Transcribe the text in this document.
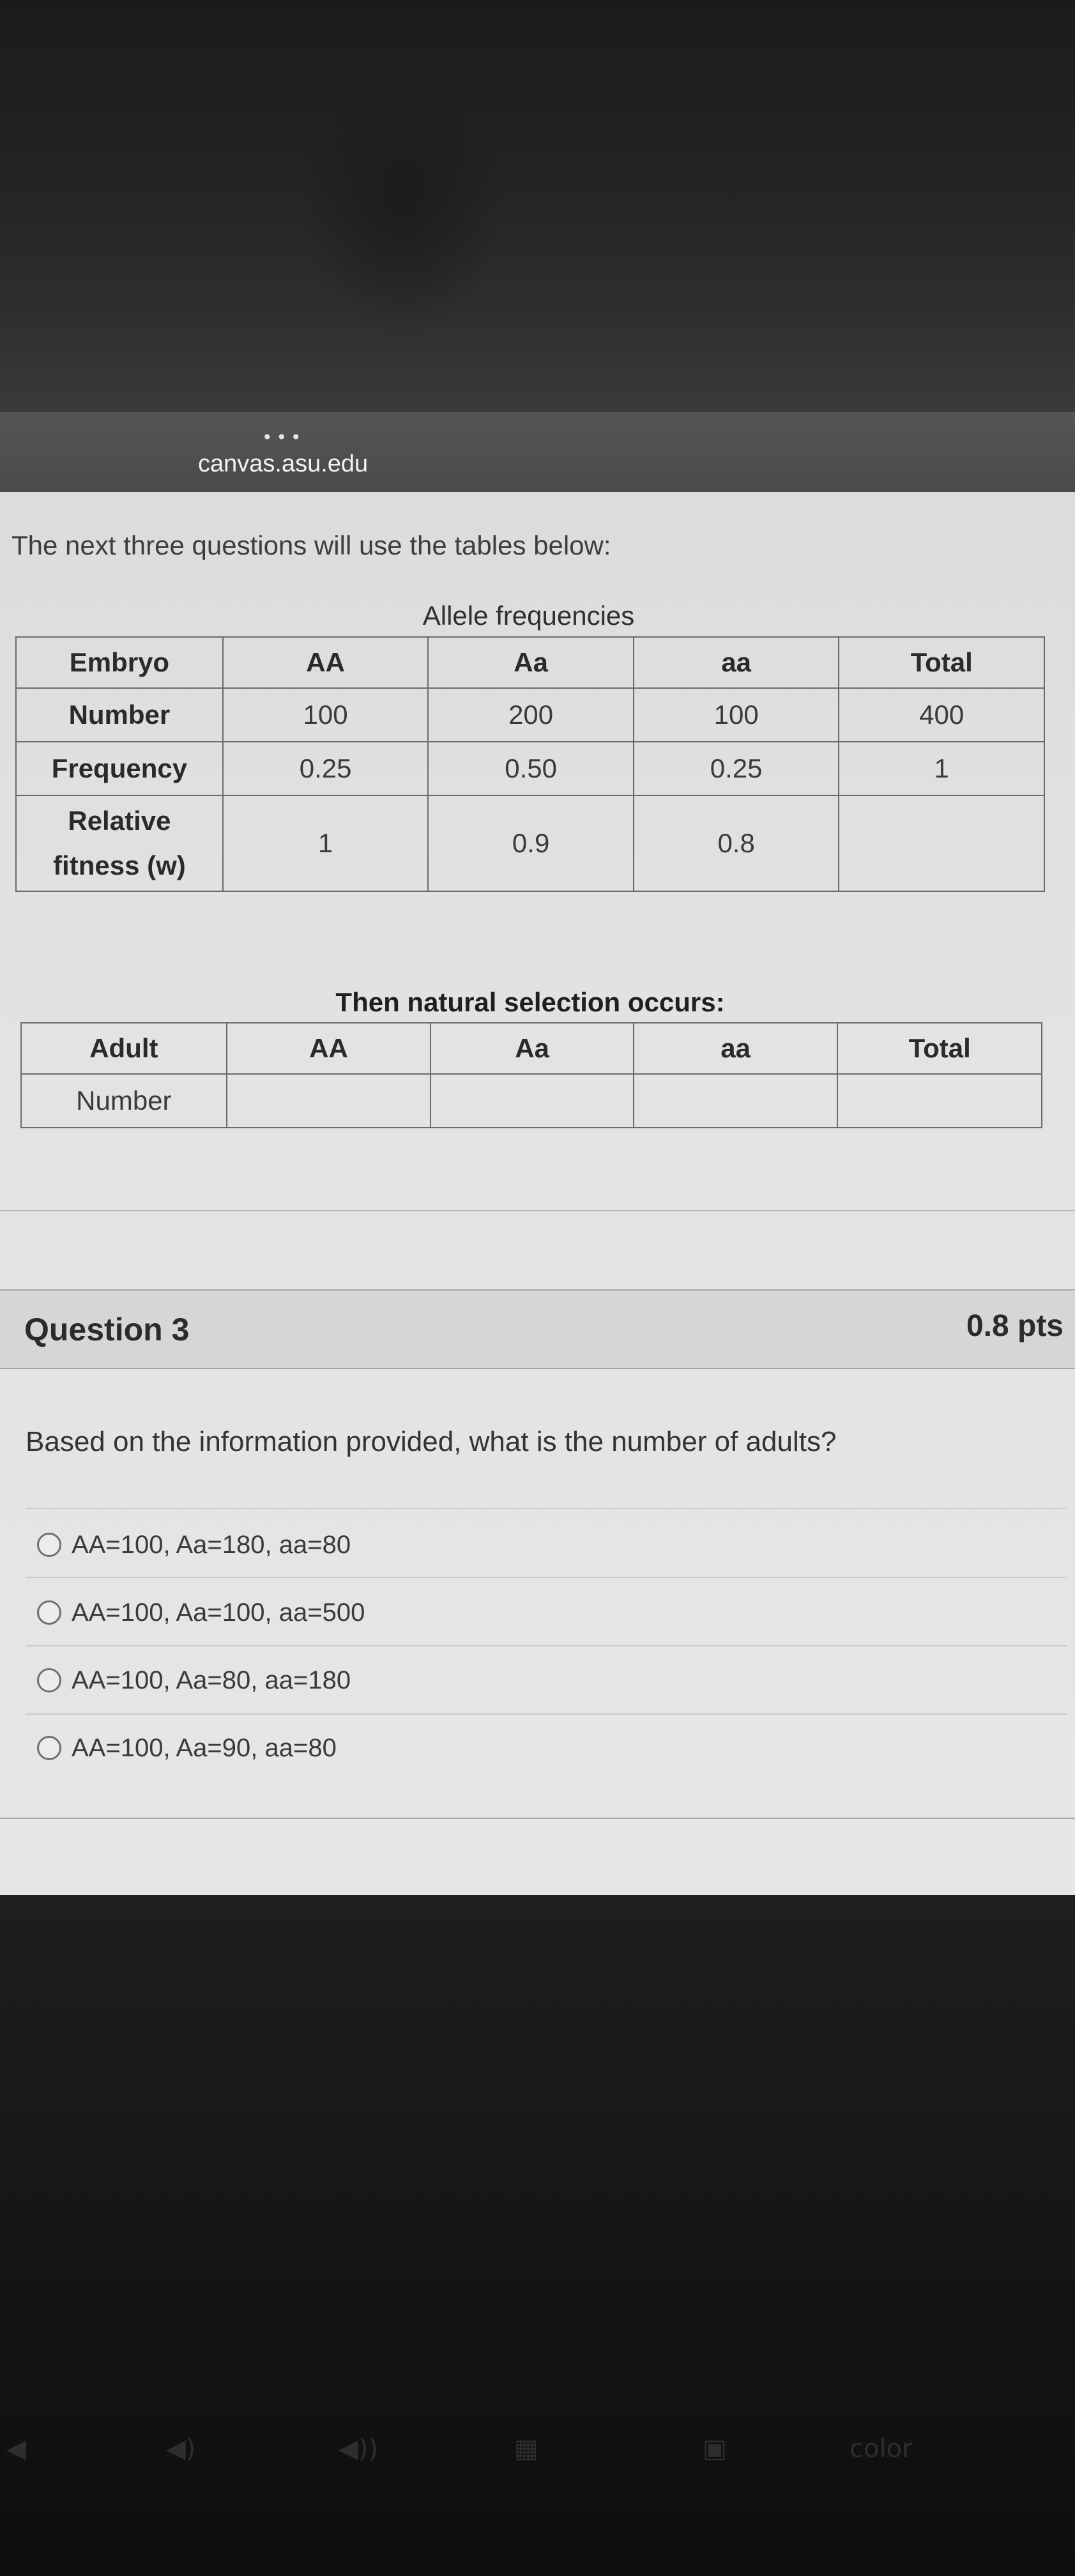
•••
canvas.asu.edu
The next three questions will use the tables below:
Allele frequencies
Embryo	AA	Aa	aa	Total
Number	100	200	100	400
Frequency	0.25	0.50	0.25	1
Relative fitness (w)	1	0.9	0.8	
Then natural selection occurs:
Adult	AA	Aa	aa	Total
Number				
Question 3	0.8 pts
Based on the information provided, what is the number of adults?
AA=100, Aa=180, aa=80
AA=100, Aa=100, aa=500
AA=100, Aa=80, aa=180
AA=100, Aa=90, aa=80
◀	◀)	◀))	▦	▣	color
